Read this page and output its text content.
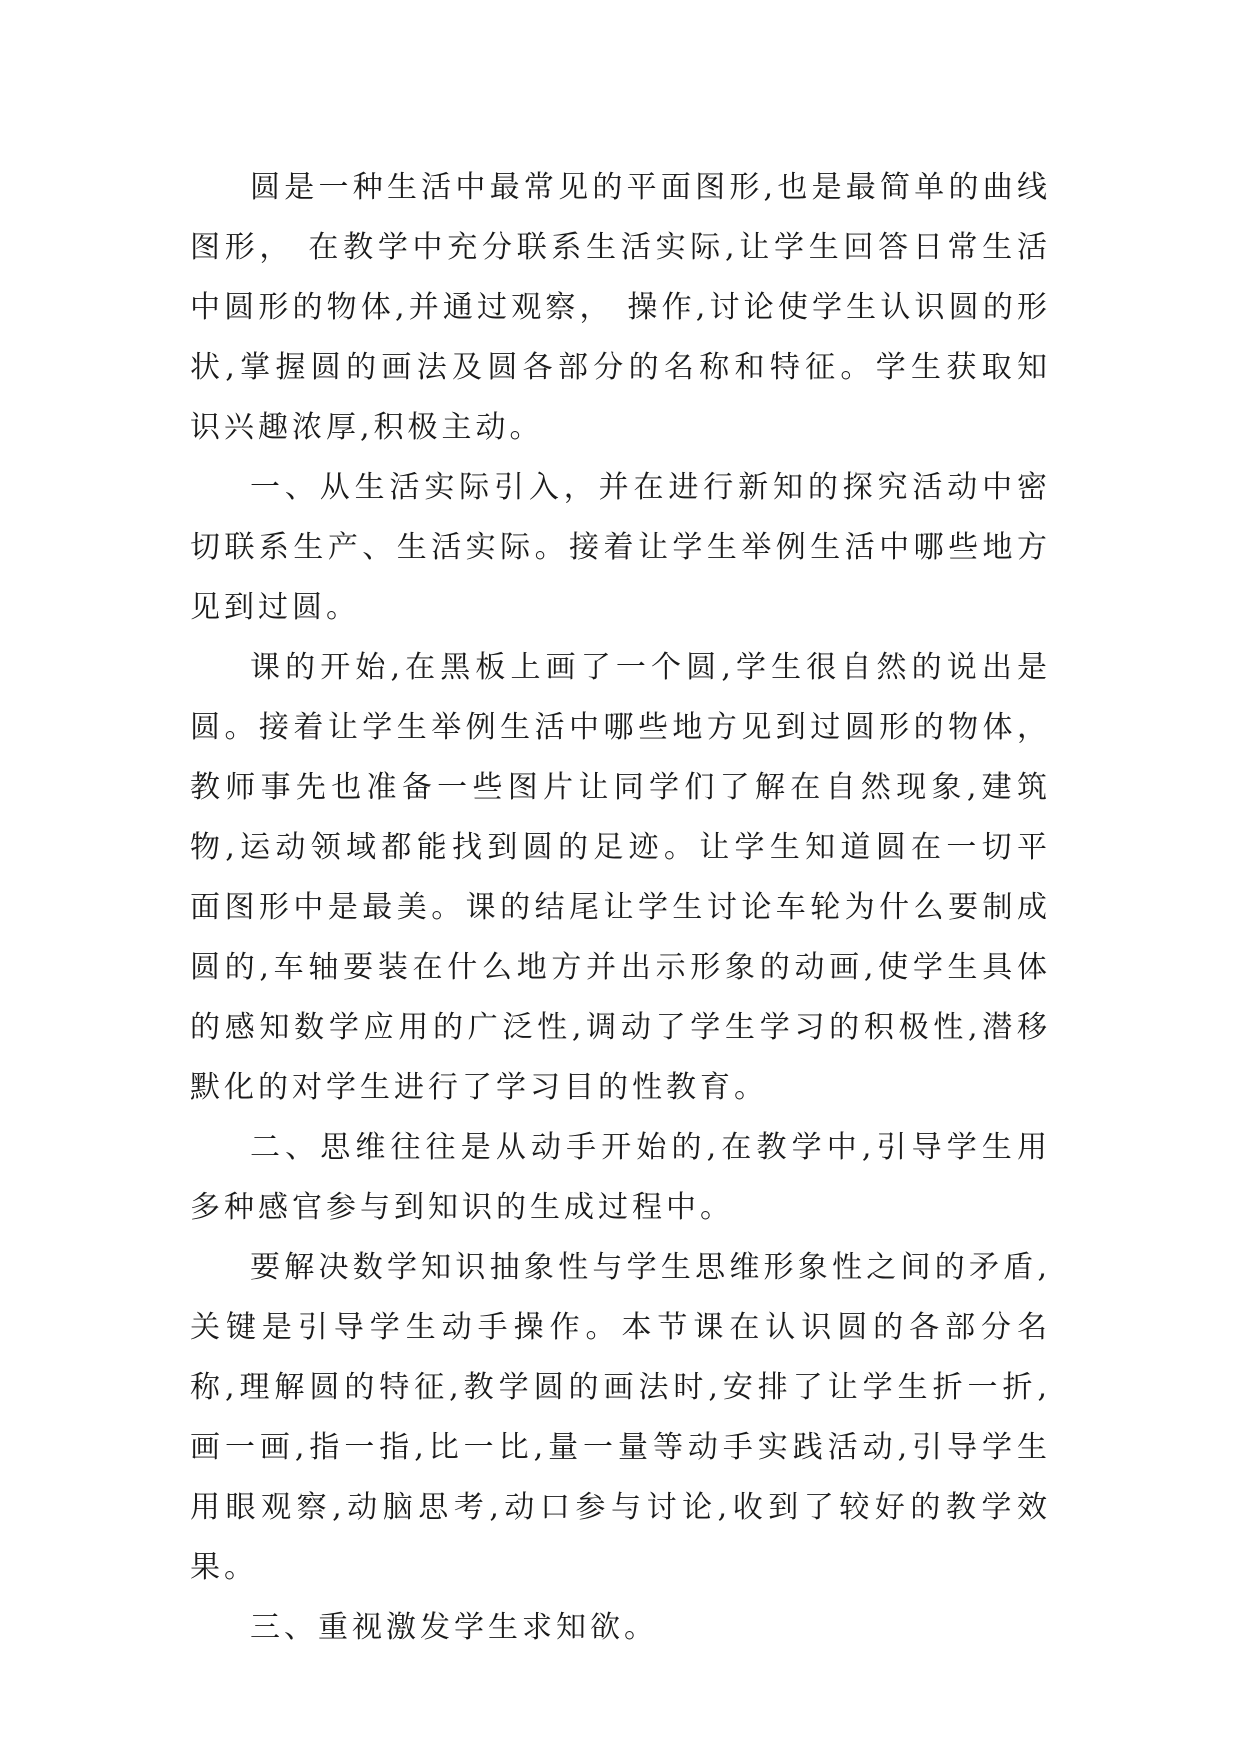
圆是一种生活中最常见的平面图形,也是最简单的曲线图形， 在教学中充分联系生活实际,让学生回答日常生活中圆形的物体,并通过观察， 操作,讨论使学生认识圆的形状,掌握圆的画法及圆各部分的名称和特征。学生获取知识兴趣浓厚,积极主动。

一、从生活实际引入，并在进行新知的探究活动中密切联系生产、生活实际。接着让学生举例生活中哪些地方见到过圆。

课的开始,在黑板上画了一个圆,学生很自然的说出是圆。接着让学生举例生活中哪些地方见到过圆形的物体，教师事先也准备一些图片让同学们了解在自然现象,建筑物,运动领域都能找到圆的足迹。让学生知道圆在一切平面图形中是最美。课的结尾让学生讨论车轮为什么要制成圆的,车轴要装在什么地方并出示形象的动画,使学生具体的感知数学应用的广泛性,调动了学生学习的积极性,潜移默化的对学生进行了学习目的性教育。

二、思维往往是从动手开始的,在教学中,引导学生用多种感官参与到知识的生成过程中。

要解决数学知识抽象性与学生思维形象性之间的矛盾,关键是引导学生动手操作。本节课在认识圆的各部分名称,理解圆的特征,教学圆的画法时,安排了让学生折一折,画一画,指一指,比一比,量一量等动手实践活动,引导学生用眼观察,动脑思考,动口参与讨论,收到了较好的教学效果。

三、重视激发学生求知欲。
